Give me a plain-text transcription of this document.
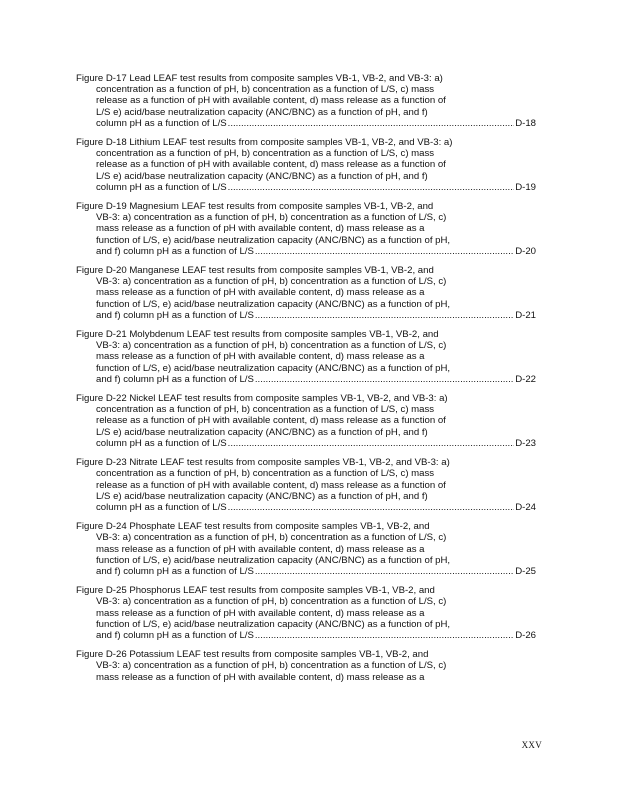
Figure D-17 Lead LEAF test results from composite samples VB-1, VB-2, and VB-3: a)
concentration as a function of pH, b) concentration as a function of L/S, c) mass
release as a function of pH with available content, d) mass release as a function of
L/S e) acid/base neutralization capacity (ANC/BNC) as a function of pH, and f)
column pH as a function of L/S .....	D-18
Figure D-18 Lithium LEAF test results from composite samples VB-1, VB-2, and VB-3: a)
concentration as a function of pH, b) concentration as a function of L/S, c) mass
release as a function of pH with available content, d) mass release as a function of
L/S e) acid/base neutralization capacity (ANC/BNC) as a function of pH, and f)
column pH as a function of L/S .....	D-19
Figure D-19 Magnesium LEAF test results from composite samples VB-1, VB-2, and
VB-3: a) concentration as a function of pH, b) concentration as a function of L/S, c)
mass release as a function of pH with available content, d) mass release as a
function of L/S, e) acid/base neutralization capacity (ANC/BNC) as a function of pH,
and f) column pH as a function of L/S .....	D-20
Figure D-20 Manganese LEAF test results from composite samples VB-1, VB-2, and
VB-3: a) concentration as a function of pH, b) concentration as a function of L/S, c)
mass release as a function of pH with available content, d) mass release as a
function of L/S, e) acid/base neutralization capacity (ANC/BNC) as a function of pH,
and f) column pH as a function of L/S .....	D-21
Figure D-21 Molybdenum LEAF test results from composite samples VB-1, VB-2, and
VB-3: a) concentration as a function of pH, b) concentration as a function of L/S, c)
mass release as a function of pH with available content, d) mass release as a
function of L/S, e) acid/base neutralization capacity (ANC/BNC) as a function of pH,
and f) column pH as a function of L/S .....	D-22
Figure D-22 Nickel LEAF test results from composite samples VB-1, VB-2, and VB-3: a)
concentration as a function of pH, b) concentration as a function of L/S, c) mass
release as a function of pH with available content, d) mass release as a function of
L/S e) acid/base neutralization capacity (ANC/BNC) as a function of pH, and f)
column pH as a function of L/S .....	D-23
Figure D-23 Nitrate LEAF test results from composite samples VB-1, VB-2, and VB-3: a)
concentration as a function of pH, b) concentration as a function of L/S, c) mass
release as a function of pH with available content, d) mass release as a function of
L/S e) acid/base neutralization capacity (ANC/BNC) as a function of pH, and f)
column pH as a function of L/S .....	D-24
Figure D-24 Phosphate LEAF test results from composite samples VB-1, VB-2, and
VB-3: a) concentration as a function of pH, b) concentration as a function of L/S, c)
mass release as a function of pH with available content, d) mass release as a
function of L/S, e) acid/base neutralization capacity (ANC/BNC) as a function of pH,
and f) column pH as a function of L/S .....	D-25
Figure D-25 Phosphorus LEAF test results from composite samples VB-1, VB-2, and
VB-3: a) concentration as a function of pH, b) concentration as a function of L/S, c)
mass release as a function of pH with available content, d) mass release as a
function of L/S, e) acid/base neutralization capacity (ANC/BNC) as a function of pH,
and f) column pH as a function of L/S .....	D-26
Figure D-26 Potassium LEAF test results from composite samples VB-1, VB-2, and
VB-3: a) concentration as a function of pH, b) concentration as a function of L/S, c)
mass release as a function of pH with available content, d) mass release as a
XXV
